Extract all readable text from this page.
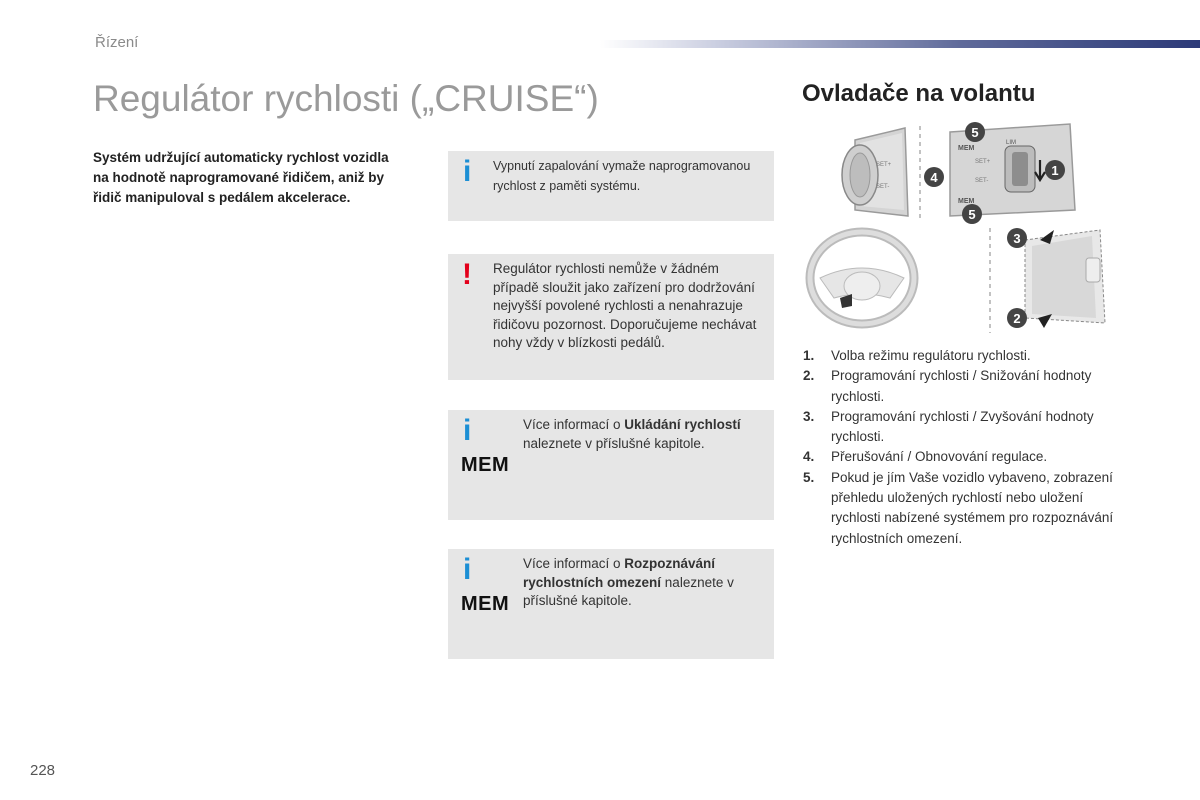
Řízení
Regulátor rychlosti („CRUISE“)
Systém udržující automaticky rychlost vozidla na hodnotě naprogramované řidičem, aniž by řidič manipuloval s pedálem akcelerace.
i Vypnutí zapalování vymaže naprogramovanou rychlost z paměti systému.
! Regulátor rychlosti nemůže v žádném případě sloužit jako zařízení pro dodržování nejvyšší povolené rychlosti a nenahrazuje řidičovu pozornost. Doporučujeme nechávat nohy vždy v blízkosti pedálů.
i
MEM
Více informací o Ukládání rychlostí naleznete v příslušné kapitole.
i
MEM
Více informací o Rozpoznávání rychlostních omezení naleznete v příslušné kapitole.
Ovladače na volantu
SET+
SET-
MEM
MEM
LIM
SET+
SET-
5
1
4
5
3
2
1.	Volba režimu regulátoru rychlosti.
2.	Programování rychlosti / Snižování hodnoty rychlosti.
3.	Programování rychlosti / Zvyšování hodnoty rychlosti.
4.	Přerušování / Obnovování regulace.
5.	Pokud je jím Vaše vozidlo vybaveno, zobrazení přehledu uložených rychlostí nebo uložení rychlosti nabízené systémem pro rozpoznávání rychlostních omezení.
228
